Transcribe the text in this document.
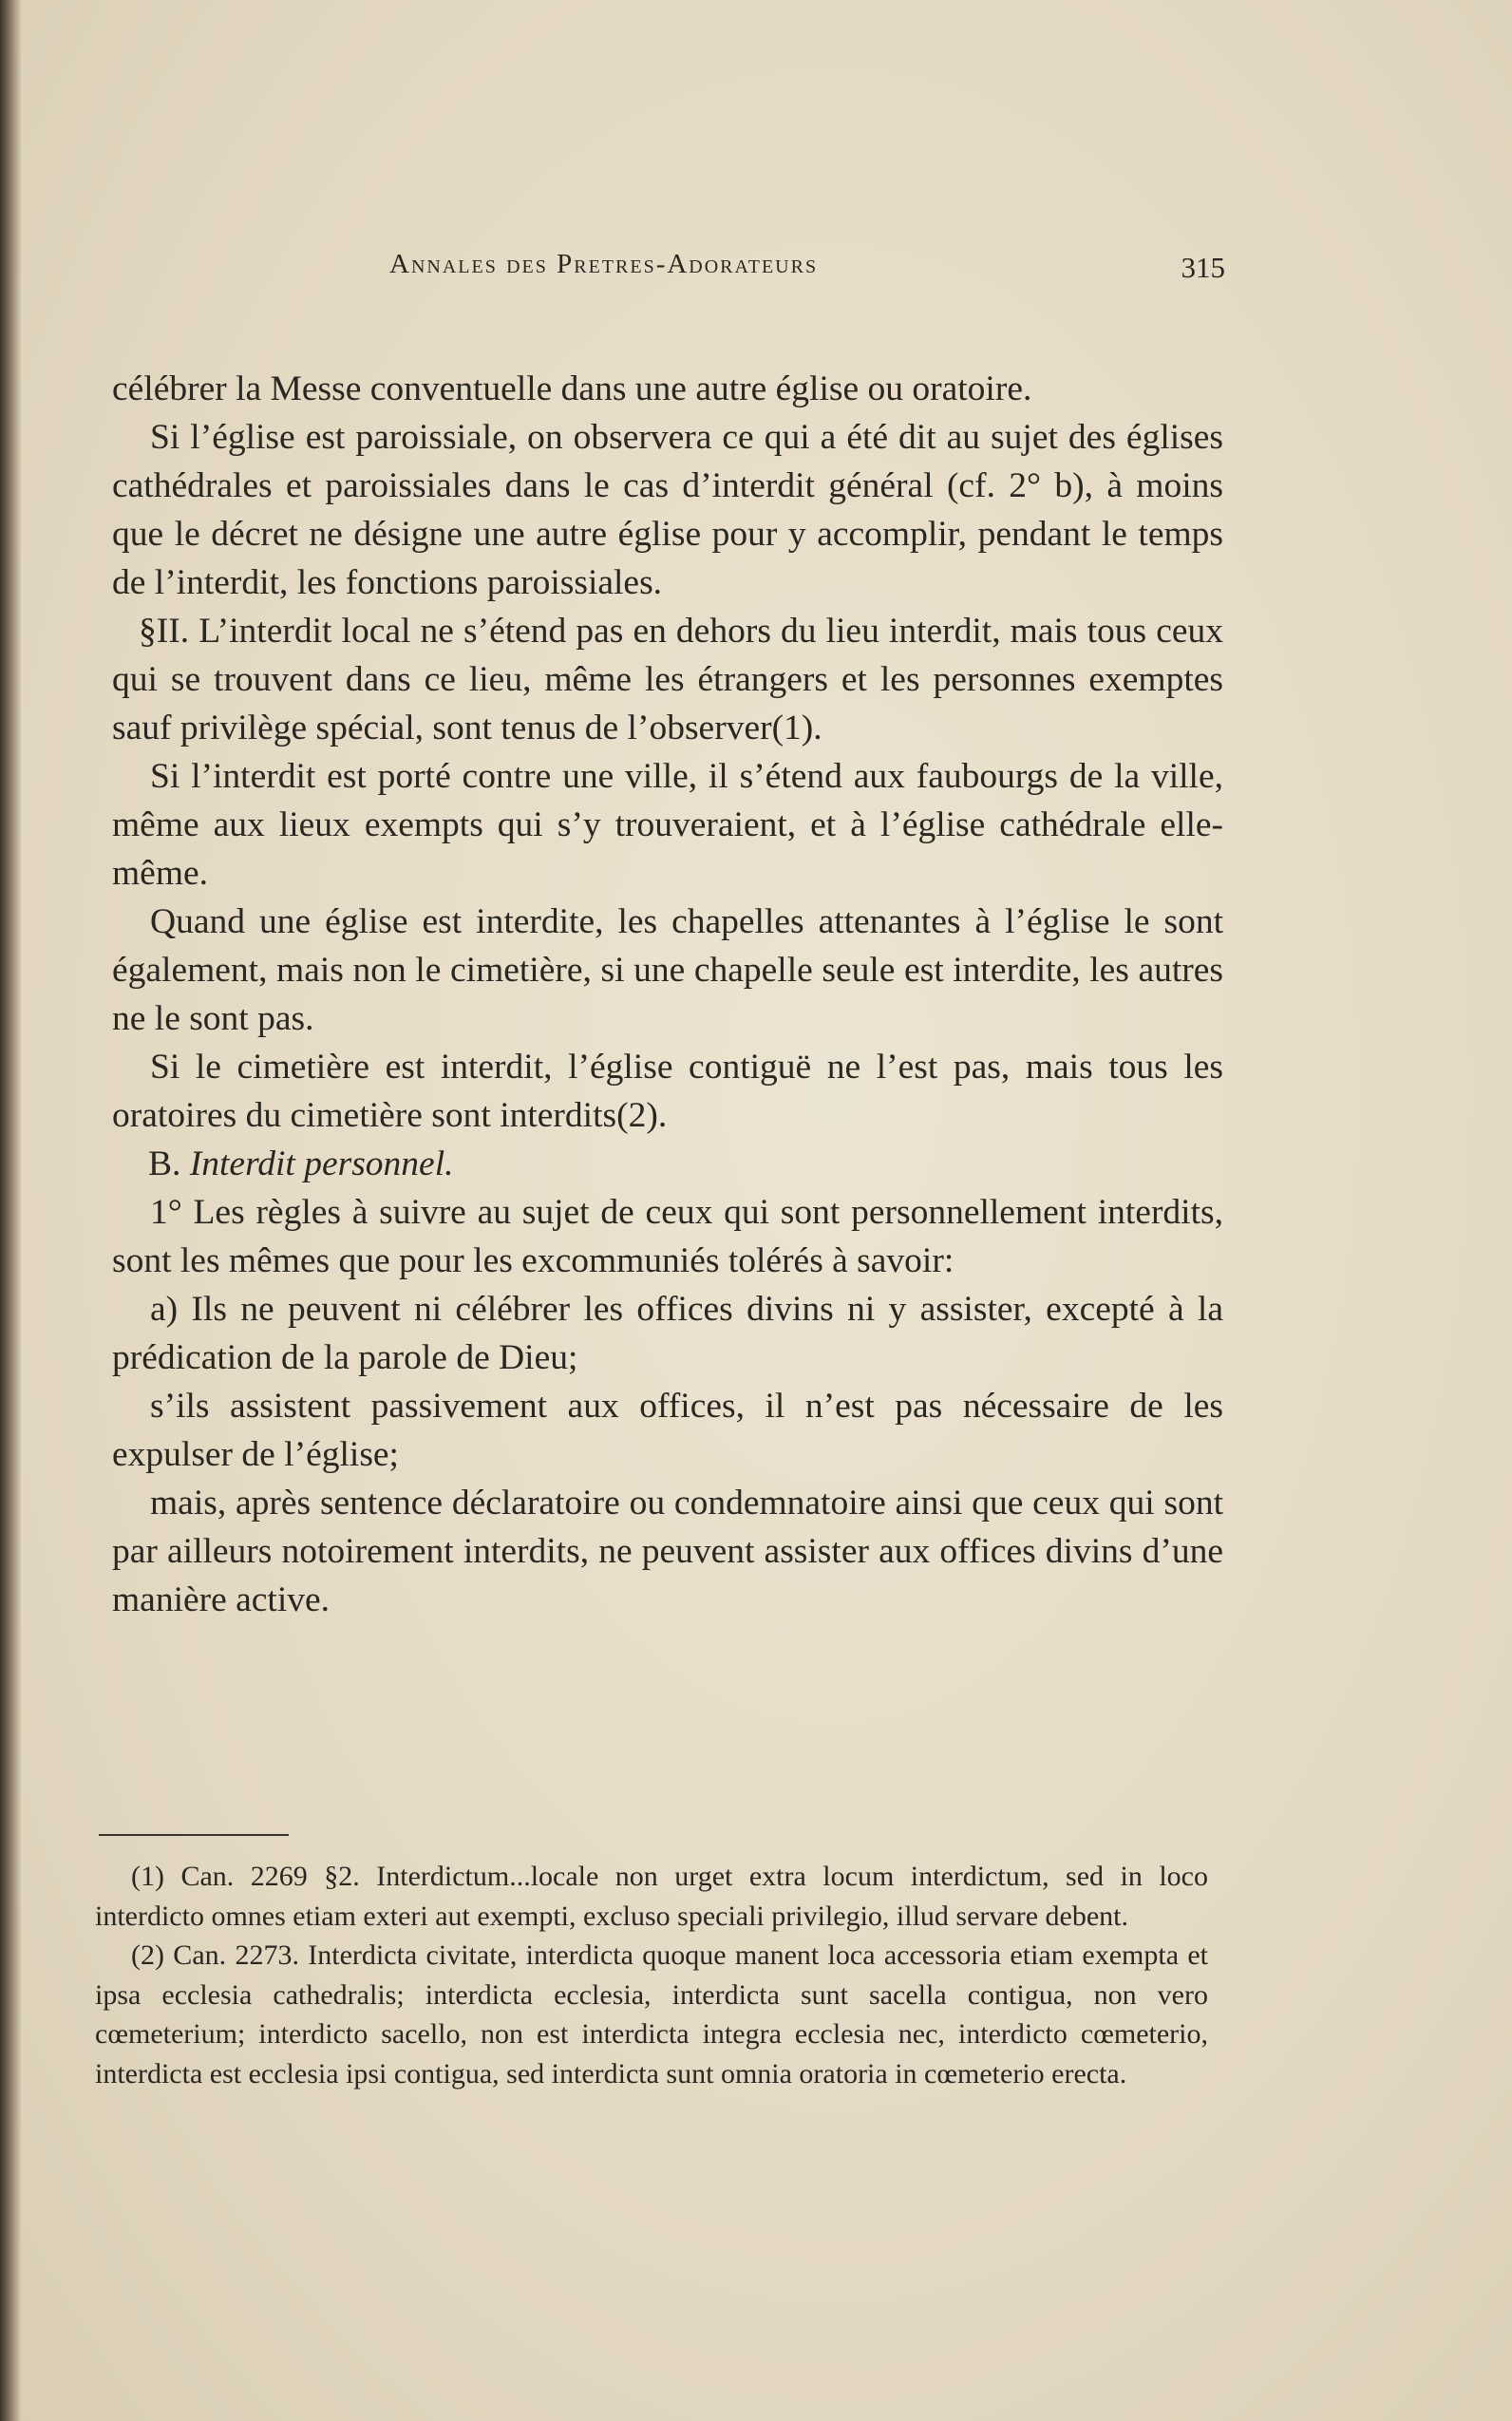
Annales des Pretres-Adorateurs	315

célébrer la Messe conventuelle dans une autre église ou oratoire.

Si l’église est paroissiale, on observera ce qui a été dit au sujet des églises cathédrales et paroissiales dans le cas d’interdit général (cf. 2° b), à moins que le décret ne désigne une autre église pour y accomplir, pendant le temps de l’interdit, les fonctions paroissiales.

§II. L’interdit local ne s’étend pas en dehors du lieu interdit, mais tous ceux qui se trouvent dans ce lieu, même les étrangers et les personnes exemptes sauf privilège spécial, sont tenus de l’observer(1).

Si l’interdit est porté contre une ville, il s’étend aux faubourgs de la ville, même aux lieux exempts qui s’y trouveraient, et à l’église cathédrale elle-même.

Quand une église est interdite, les chapelles attenantes à l’église le sont également, mais non le cimetière, si une chapelle seule est interdite, les autres ne le sont pas.

Si le cimetière est interdit, l’église contiguë ne l’est pas, mais tous les oratoires du cimetière sont interdits(2).

B. Interdit personnel.

1° Les règles à suivre au sujet de ceux qui sont personnellement interdits, sont les mêmes que pour les excommuniés tolérés à savoir:

a) Ils ne peuvent ni célébrer les offices divins ni y assister, excepté à la prédication de la parole de Dieu;

s’ils assistent passivement aux offices, il n’est pas nécessaire de les expulser de l’église;

mais, après sentence déclaratoire ou condemnatoire ainsi que ceux qui sont par ailleurs notoirement interdits, ne peuvent assister aux offices divins d’une manière active.

(1) Can. 2269 §2. Interdictum...locale non urget extra locum interdictum, sed in loco interdicto omnes etiam exteri aut exempti, excluso speciali privilegio, illud servare debent.

(2) Can. 2273. Interdicta civitate, interdicta quoque manent loca accessoria etiam exempta et ipsa ecclesia cathedralis; interdicta ecclesia, interdicta sunt sacella contigua, non vero cœmeterium; interdicto sacello, non est interdicta integra ecclesia nec, interdicto cœmeterio, interdicta est ecclesia ipsi contigua, sed interdicta sunt omnia oratoria in cœmeterio erecta.
